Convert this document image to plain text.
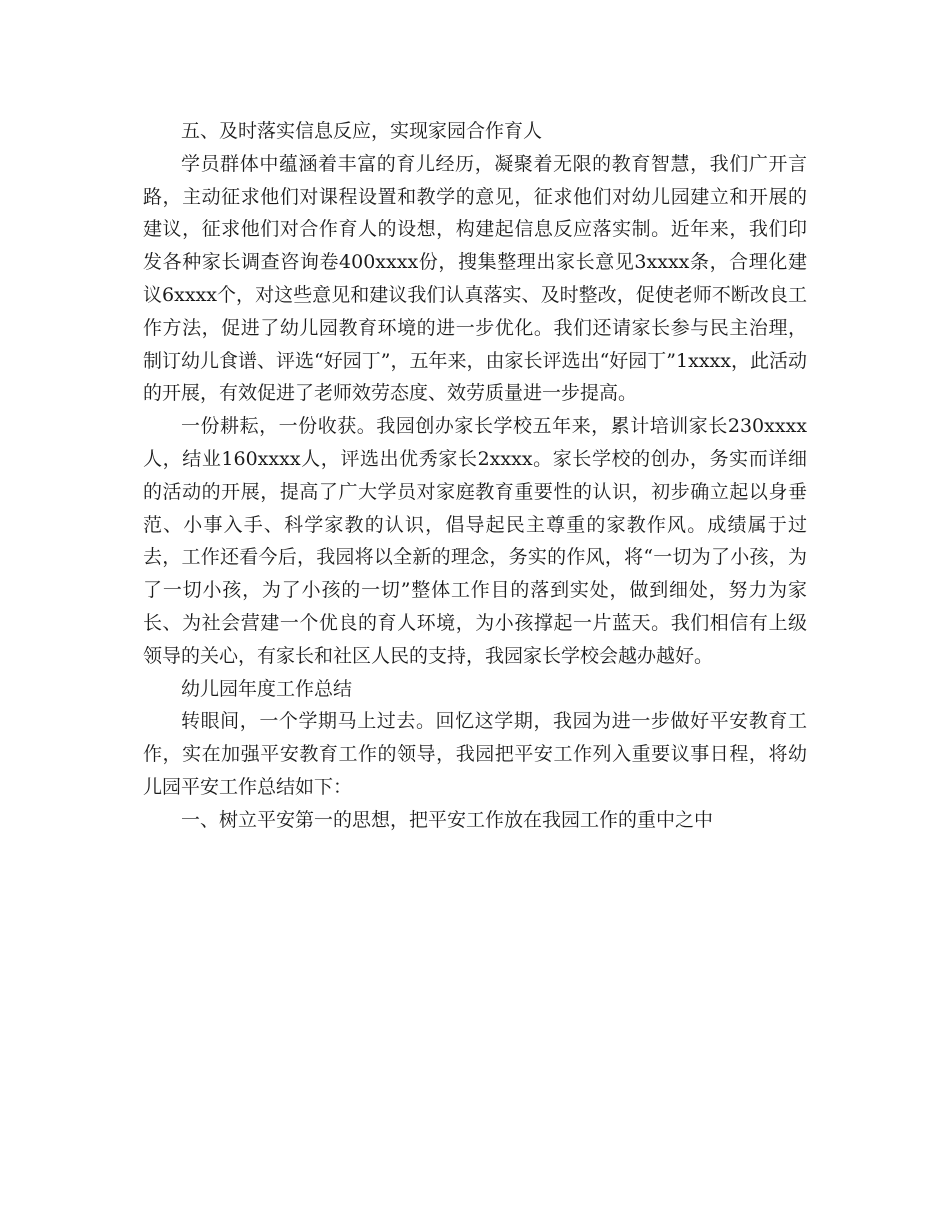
五、及时落实信息反应，实现家园合作育人

学员群体中蕴涵着丰富的育儿经历，凝聚着无限的教育智慧，我们广开言路，主动征求他们对课程设置和教学的意见，征求他们对幼儿园建立和开展的建议，征求他们对合作育人的设想，构建起信息反应落实制。近年来，我们印发各种家长调查咨询卷400xxxx份，搜集整理出家长意见3xxxx条，合理化建议6xxxx个，对这些意见和建议我们认真落实、及时整改，促使老师不断改良工作方法，促进了幼儿园教育环境的进一步优化。我们还请家长参与民主治理，制订幼儿食谱、评选“好园丁”，五年来，由家长评选出“好园丁”1xxxx，此活动的开展，有效促进了老师效劳态度、效劳质量进一步提高。

一份耕耘，一份收获。我园创办家长学校五年来，累计培训家长230xxxx人，结业160xxxx人，评选出优秀家长2xxxx。家长学校的创办，务实而详细的活动的开展，提高了广大学员对家庭教育重要性的认识，初步确立起以身垂范、小事入手、科学家教的认识，倡导起民主尊重的家教作风。成绩属于过去，工作还看今后，我园将以全新的理念，务实的作风，将“一切为了小孩，为了一切小孩，为了小孩的一切”整体工作目的落到实处，做到细处，努力为家长、为社会营建一个优良的育人环境，为小孩撑起一片蓝天。我们相信有上级领导的关心，有家长和社区人民的支持，我园家长学校会越办越好。

幼儿园年度工作总结

转眼间，一个学期马上过去。回忆这学期，我园为进一步做好平安教育工作，实在加强平安教育工作的领导，我园把平安工作列入重要议事日程，将幼儿园平安工作总结如下：

一、树立平安第一的思想，把平安工作放在我园工作的重中之中
